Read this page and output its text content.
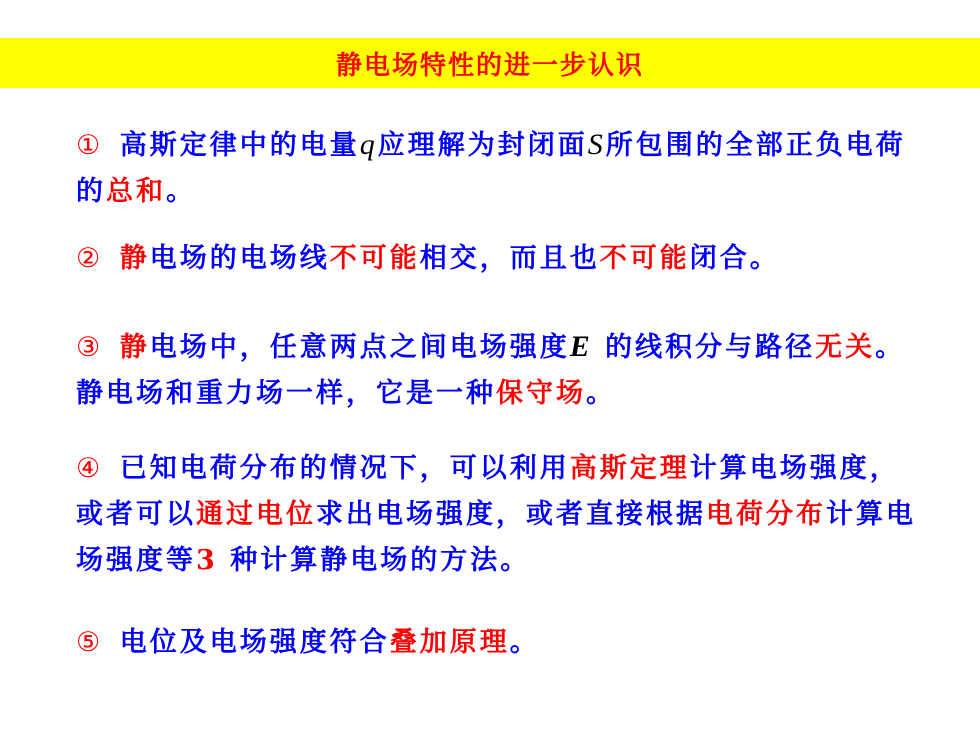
静电场特性的进一步认识
①  高斯定律中的电量q应理解为封闭面S所包围的全部正负电荷的总和。
②  静电场的电场线不可能相交，而且也不可能闭合。
③  静电场中，任意两点之间电场强度E 的线积分与路径无关。静电场和重力场一样，它是一种保守场。
④  已知电荷分布的情况下，可以利用高斯定理计算电场强度，或者可以通过电位求出电场强度，或者直接根据电荷分布计算电场强度等3 种计算静电场的方法。
⑤  电位及电场强度符合叠加原理。
